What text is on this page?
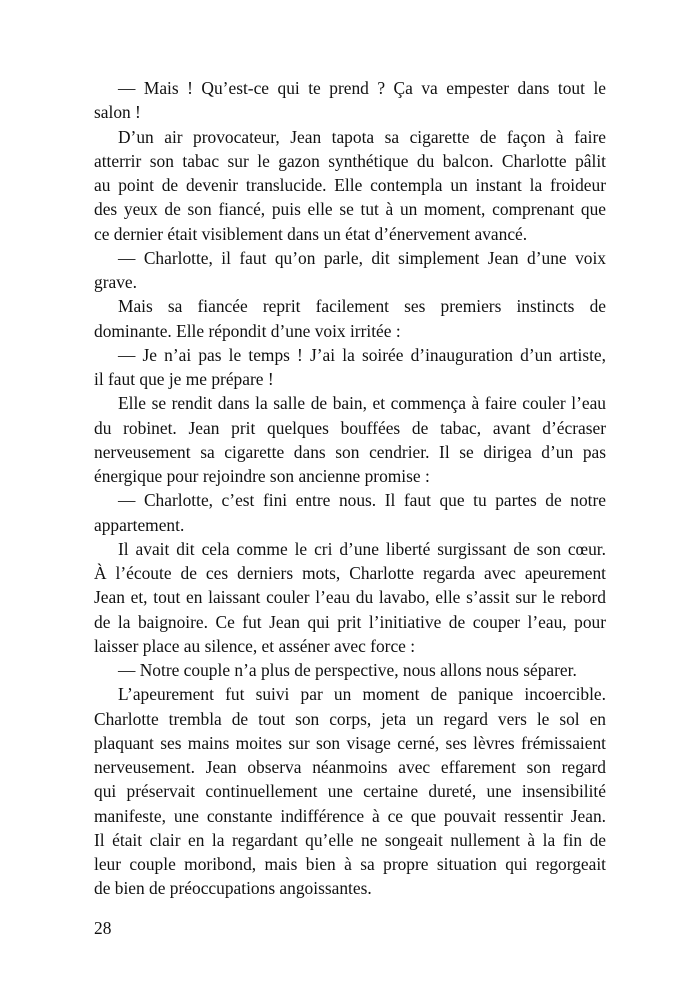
— Mais ! Qu’est-ce qui te prend ? Ça va empester dans tout le
salon !
D’un air provocateur, Jean tapota sa cigarette de façon à faire
atterrir son tabac sur le gazon synthétique du balcon. Charlotte pâlit
au point de devenir translucide. Elle contempla un instant la froideur
des yeux de son fiancé, puis elle se tut à un moment, comprenant que
ce dernier était visiblement dans un état d’énervement avancé.
— Charlotte, il faut qu’on parle, dit simplement Jean d’une voix
grave.
Mais sa fiancée reprit facilement ses premiers instincts de
dominante. Elle répondit d’une voix irritée :
— Je n’ai pas le temps ! J’ai la soirée d’inauguration d’un artiste,
il faut que je me prépare !
Elle se rendit dans la salle de bain, et commença à faire couler l’eau
du robinet. Jean prit quelques bouffées de tabac, avant d’écraser
nerveusement sa cigarette dans son cendrier. Il se dirigea d’un pas
énergique pour rejoindre son ancienne promise :
— Charlotte, c’est fini entre nous. Il faut que tu partes de notre
appartement.
Il avait dit cela comme le cri d’une liberté surgissant de son cœur.
À l’écoute de ces derniers mots, Charlotte regarda avec apeurement
Jean et, tout en laissant couler l’eau du lavabo, elle s’assit sur le rebord
de la baignoire. Ce fut Jean qui prit l’initiative de couper l’eau, pour
laisser place au silence, et asséner avec force :
— Notre couple n’a plus de perspective, nous allons nous séparer.
L’apeurement fut suivi par un moment de panique incoercible.
Charlotte trembla de tout son corps, jeta un regard vers le sol en
plaquant ses mains moites sur son visage cerné, ses lèvres frémissaient
nerveusement. Jean observa néanmoins avec effarement son regard
qui préservait continuellement une certaine dureté, une insensibilité
manifeste, une constante indifférence à ce que pouvait ressentir Jean.
Il était clair en la regardant qu’elle ne songeait nullement à la fin de
leur couple moribond, mais bien à sa propre situation qui regorgeait
de bien de préoccupations angoissantes.
28
